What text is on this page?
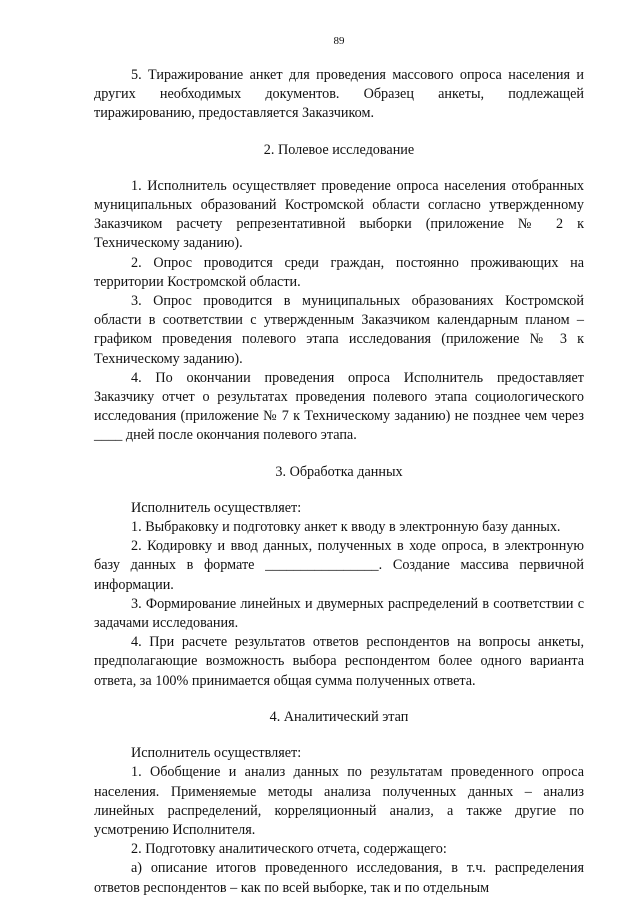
89

5. Тиражирование анкет для проведения массового опроса населения и других необходимых документов. Образец анкеты, подлежащей тиражированию, предоставляется Заказчиком.

2. Полевое исследование

1. Исполнитель осуществляет проведение опроса населения отобранных муниципальных образований Костромской области согласно утвержденному Заказчиком расчету репрезентативной выборки (приложение № 2 к Техническому заданию).

2. Опрос проводится среди граждан, постоянно проживающих на территории Костромской области.

3. Опрос проводится в муниципальных образованиях Костромской области в соответствии с утвержденным Заказчиком календарным планом – графиком проведения полевого этапа исследования (приложение № 3 к Техническому заданию).

4. По окончании проведения опроса Исполнитель предоставляет Заказчику отчет о результатах проведения полевого этапа социологического исследования (приложение № 7 к Техническому заданию) не позднее чем через ____ дней после окончания полевого этапа.

3. Обработка данных

Исполнитель осуществляет:

1. Выбраковку и подготовку анкет к вводу в электронную базу данных.

2. Кодировку и ввод данных, полученных в ходе опроса, в электронную базу данных в формате ________________. Создание массива первичной информации.

3. Формирование линейных и двумерных распределений в соответствии с задачами исследования.

4. При расчете результатов ответов респондентов на вопросы анкеты, предполагающие возможность выбора респондентом более одного варианта ответа, за 100% принимается общая сумма полученных ответа.

4. Аналитический этап

Исполнитель осуществляет:

1. Обобщение и анализ данных по результатам проведенного опроса населения. Применяемые методы анализа полученных данных – анализ линейных распределений, корреляционный анализ, а также другие по усмотрению Исполнителя.

2. Подготовку аналитического отчета, содержащего:

а) описание итогов проведенного исследования, в т.ч. распределения ответов респондентов – как по всей выборке, так и по отдельным
